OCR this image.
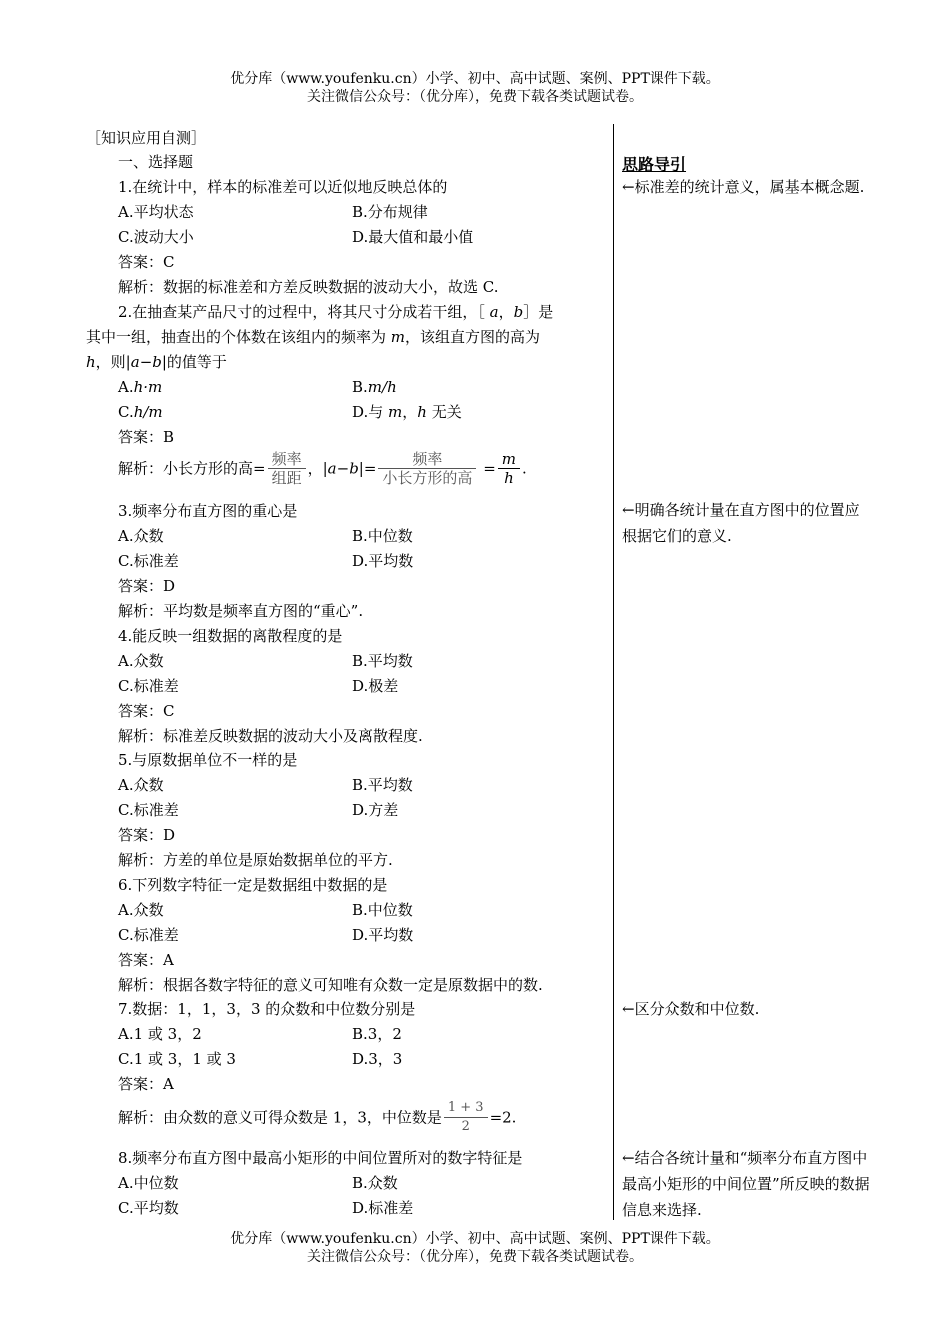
优分库（www.youfenku.cn）小学、初中、高中试题、案例、PPT课件下载。
关注微信公众号：（优分库），免费下载各类试题试卷。
［知识应用自测］
一、选择题
1.在统计中，样本的标准差可以近似地反映总体的
A.平均状态	B.分布规律
C.波动大小	D.最大值和最小值
答案：C
解析：数据的标准差和方差反映数据的波动大小，故选 C.
2.在抽查某产品尺寸的过程中，将其尺寸分成若干组，［ a，b］是
其中一组，抽查出的个体数在该组内的频率为 m，该组直方图的高为
h，则|a−b|的值等于
A.h·m	B.m/h
C.h/m	D.与 m，h 无关
答案：B
解析：小长方形的高= $\frac{\text{频率}}{\text{组距}}$ ，$|a-b|= \frac{\text{频率}}{\text{小长方形的高}} = \frac{m}{h}$ .
3.频率分布直方图的重心是
A.众数	B.中位数
C.标准差	D.平均数
答案：D
解析：平均数是频率直方图的“重心”.
4.能反映一组数据的离散程度的是
A.众数	B.平均数
C.标准差	D.极差
答案：C
解析：标准差反映数据的波动大小及离散程度.
5.与原数据单位不一样的是
A.众数	B.平均数
C.标准差	D.方差
答案：D
解析：方差的单位是原始数据单位的平方.
6.下列数字特征一定是数据组中数据的是
A.众数	B.中位数
C.标准差	D.平均数
答案：A
解析：根据各数字特征的意义可知唯有众数一定是原数据中的数.
7.数据：1，1，3，3 的众数和中位数分别是
A.1 或 3，2	B.3，2
C.1 或 3，1 或 3	D.3，3
答案：A
解析：由众数的意义可得众数是 1，3，中位数是 $\frac{1 + 3}{2} =2$.
8.频率分布直方图中最高小矩形的中间位置所对的数字特征是
A.中位数	B.众数
C.平均数	D.标准差
思路导引
←标准差的统计意义，属基本概念题.
←明确各统计量在直方图中的位置应根据它们的意义.
←区分众数和中位数.
←结合各统计量和“频率分布直方图中最高小矩形的中间位置”所反映的数据信息来选择.
优分库（www.youfenku.cn）小学、初中、高中试题、案例、PPT课件下载。
关注微信公众号：（优分库），免费下载各类试题试卷。
